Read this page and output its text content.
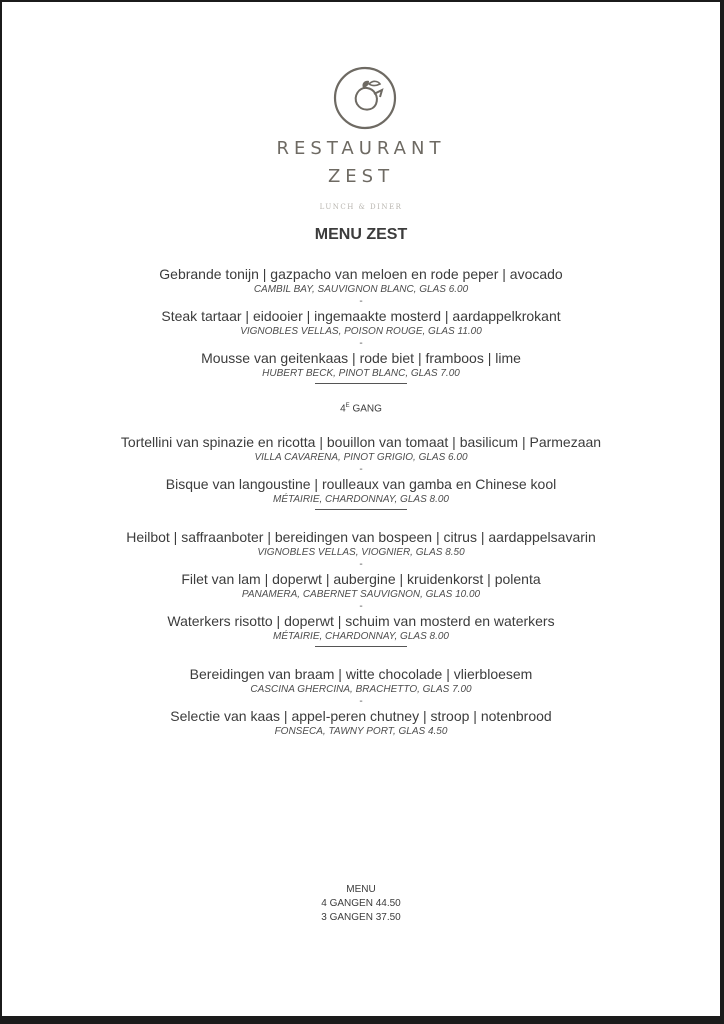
RESTAURANT
ZEST
LUNCH & DINER
MENU ZEST
Gebrande tonijn | gazpacho van meloen en rode peper | avocado
CAMBIL BAY, SAUVIGNON BLANC, GLAS 6.00
-
Steak tartaar | eidooier | ingemaakte mosterd | aardappelkrokant
VIGNOBLES VELLAS, POISON ROUGE, GLAS 11.00
-
Mousse van geitenkaas | rode biet | framboos | lime
HUBERT BECK, PINOT BLANC, GLAS 7.00
$4^E$ GANG
Tortellini van spinazie en ricotta | bouillon van tomaat | basilicum | Parmezaan
VILLA CAVARENA, PINOT GRIGIO, GLAS 6.00
-
Bisque van langoustine | roulleaux van gamba en Chinese kool
MÉTAIRIE, CHARDONNAY, GLAS 8.00
Heilbot | saffraanboter | bereidingen van bospeen | citrus | aardappelsavarin
VIGNOBLES VELLAS, VIOGNIER, GLAS 8.50
-
Filet van lam | doperwt | aubergine | kruidenkorst | polenta
PANAMERA, CABERNET SAUVIGNON, GLAS 10.00
-
Waterkers risotto | doperwt | schuim van mosterd en waterkers
MÉTAIRIE, CHARDONNAY, GLAS 8.00
Bereidingen van braam | witte chocolade | vlierbloesem
CASCINA GHERCINA, BRACHETTO, GLAS 7.00
-
Selectie van kaas | appel-peren chutney | stroop | notenbrood
FONSECA, TAWNY PORT, GLAS 4.50
MENU
4 GANGEN 44.50
3 GANGEN 37.50
